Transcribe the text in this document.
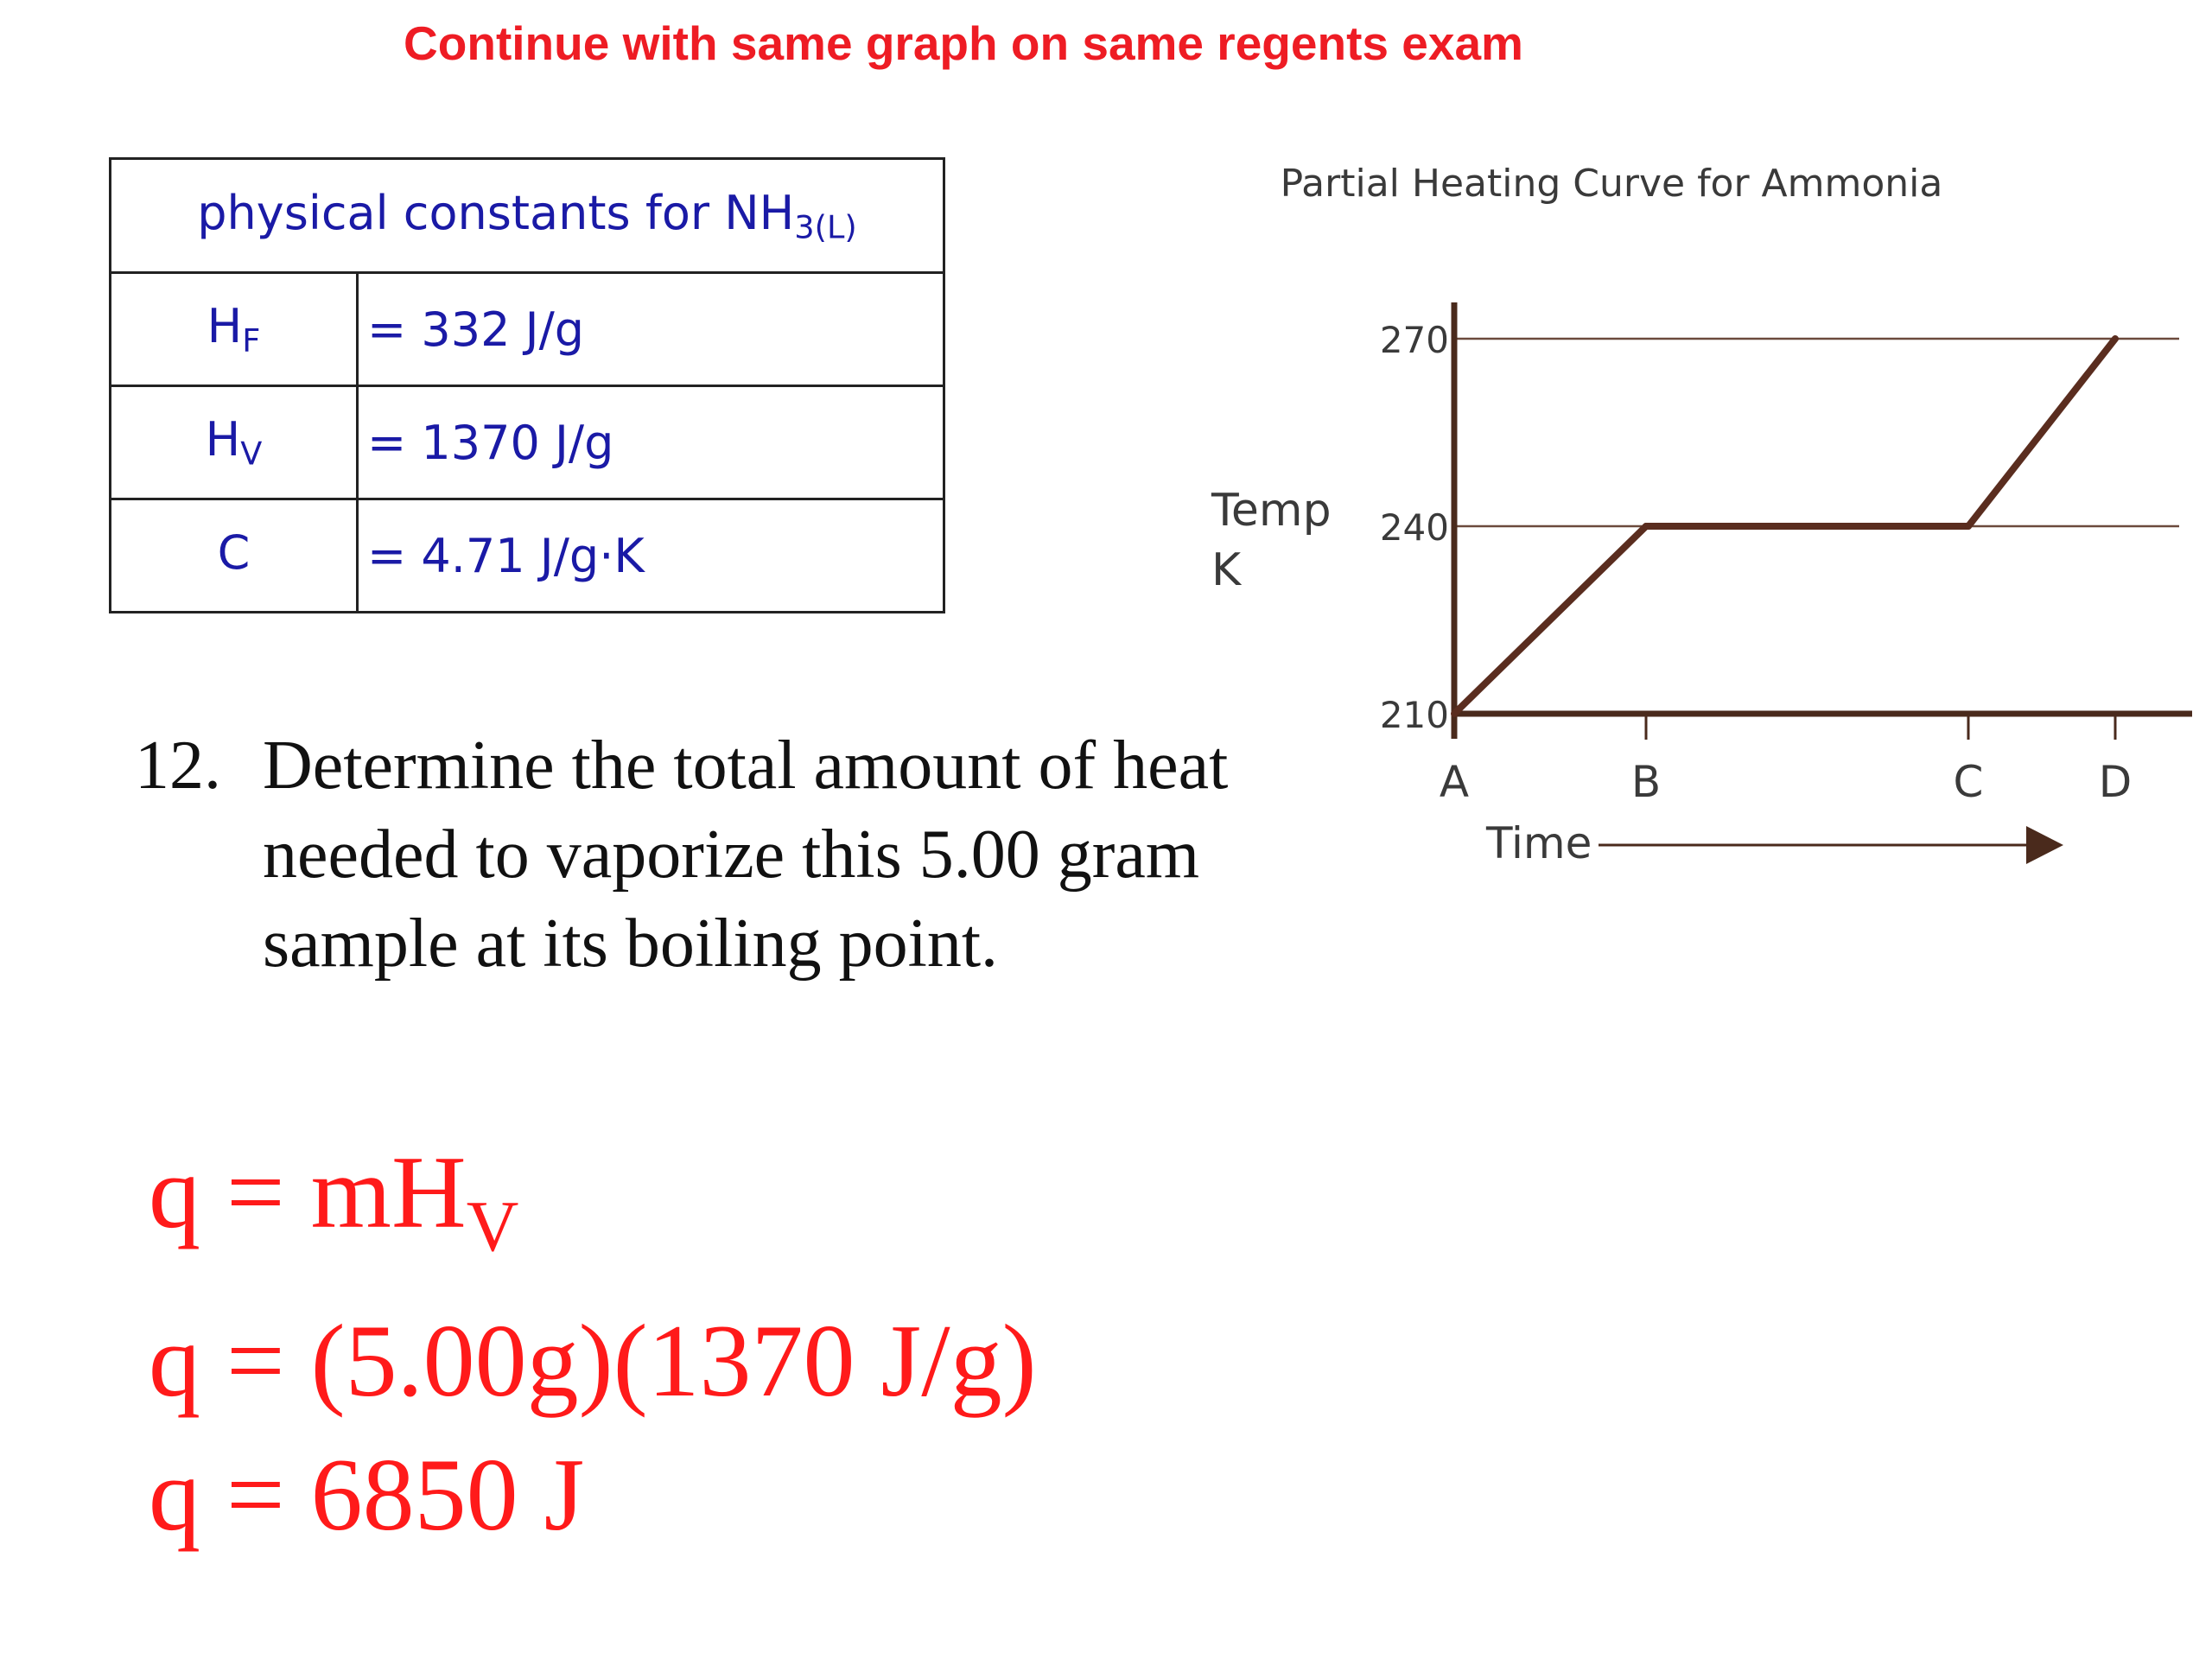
Continue with same graph on same regents exam
physical constants for $NH_{3(L)}$
$H_F$	= 332 J/g
$H_V$	= 1370 J/g
C	= 4.71 J/g·K
12. Determine the total amount of heat needed to vaporize this 5.00 gram sample at its boiling point.
$q = mH_V$
q = (5.00g)(1370 J/g)
q = 6850 J
Partial Heating Curve for Ammonia
Temp
K
270
240
210
A	B	C	D
Time
